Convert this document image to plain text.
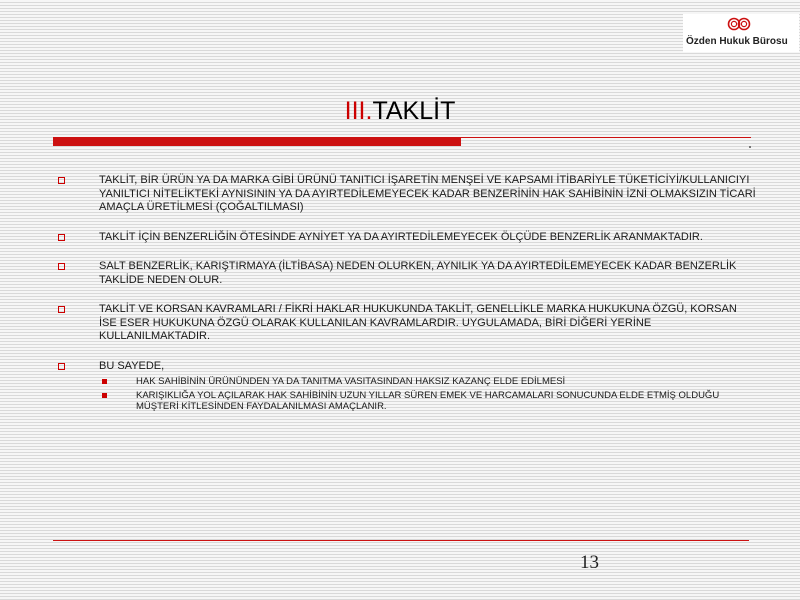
Özden Hukuk Bürosu
III.TAKLİT
TAKLİT, BİR ÜRÜN YA DA MARKA GİBİ ÜRÜNÜ TANITICI İŞARETİN MENŞEİ VE KAPSAMI İTİBARİYLE TÜKETİCİYİ/KULLANICIYI YANILTICI NİTELİKTEKİ AYNISININ YA DA AYIRTEDİLEMEYECEK KADAR BENZERİNİN HAK SAHİBİNİN İZNİ OLMAKSIZIN TİCARİ AMAÇLA ÜRETİLMESİ (ÇOĞALTILMASI)
TAKLİT İÇİN BENZERLİĞİN ÖTESİNDE AYNİYET YA DA AYIRTEDİLEMEYECEK ÖLÇÜDE BENZERLİK ARANMAKTADIR.
SALT BENZERLİK, KARIŞTIRMAYA (İLTİBASA) NEDEN OLURKEN, AYNILIK YA DA AYIRTEDİLEMEYECEK KADAR BENZERLİK TAKLİDE NEDEN OLUR.
TAKLİT VE KORSAN KAVRAMLARI / FİKRİ HAKLAR HUKUKUNDA TAKLİT, GENELLİKLE MARKA HUKUKUNA ÖZGÜ, KORSAN İSE ESER HUKUKUNA ÖZGÜ OLARAK KULLANILAN KAVRAMLARDIR. UYGULAMADA, BİRİ DİĞERİ YERİNE KULLANILMAKTADIR.
BU SAYEDE,
HAK SAHİBİNİN ÜRÜNÜNDEN YA DA TANITMA VASITASINDAN HAKSIZ KAZANÇ ELDE EDİLMESİ
KARIŞIKLIĞA YOL AÇILARAK HAK SAHİBİNİN UZUN YILLAR SÜREN EMEK VE HARCAMALARI SONUCUNDA ELDE ETMİŞ OLDUĞU MÜŞTERİ KİTLESİNDEN FAYDALANILMASI AMAÇLANIR.
13
